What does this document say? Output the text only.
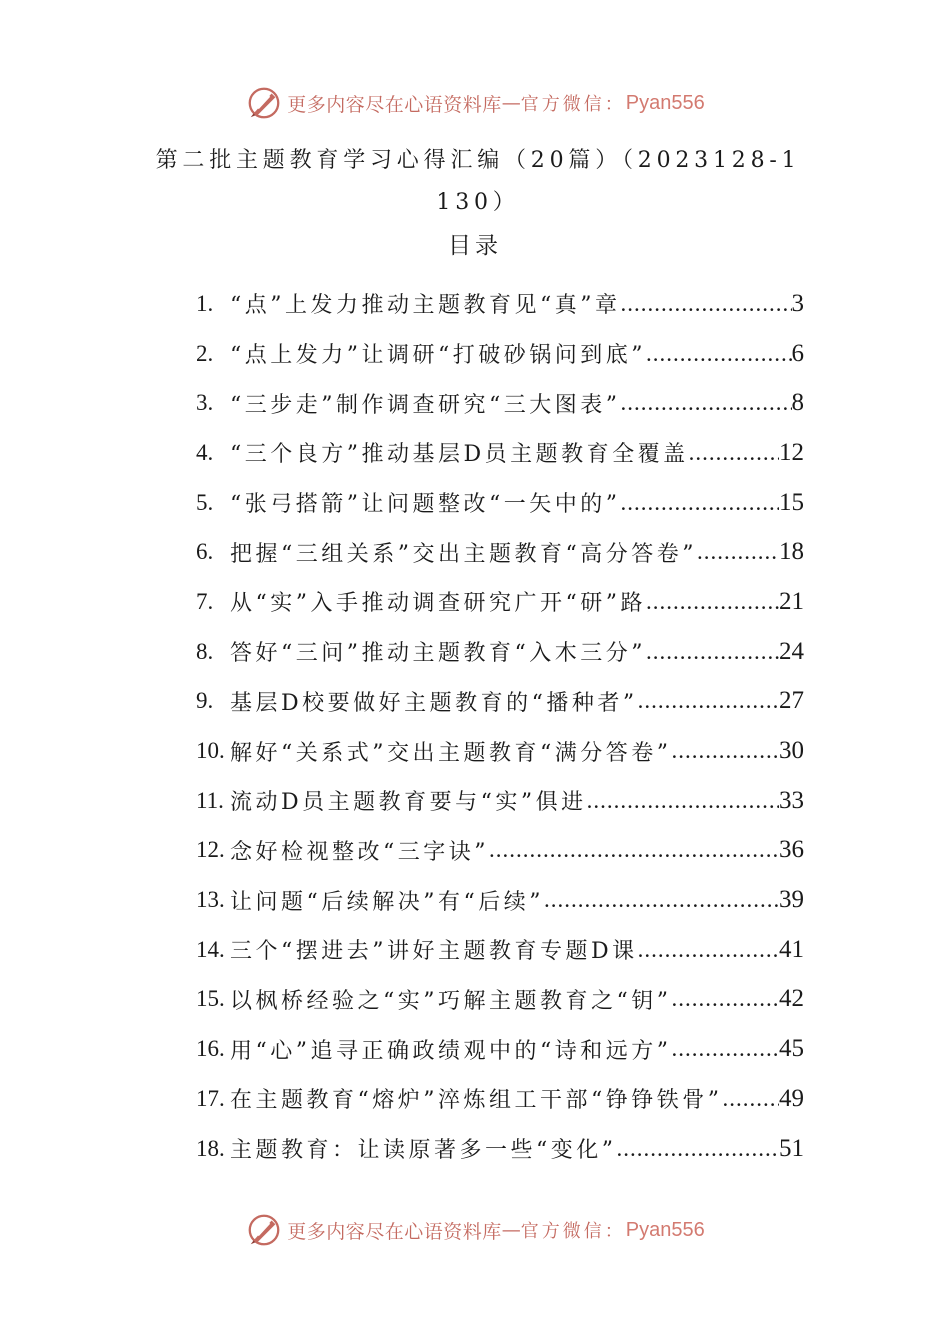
更多内容尽在心语资料库 — 官方微信： Pyan556
第二批主题教育学习心得汇编（20篇）（2023128-1130）
目录
1. “点”上发力推动主题教育见“真”章 .....	3
2. “点上发力”让调研“打破砂锅问到底” .....	6
3. “三步走”制作调查研究“三大图表” .....	8
4. “三个良方”推动基层D员主题教育全覆盖 .....	12
5. “张弓搭箭”让问题整改“一矢中的” .....	15
6. 把握“三组关系”交出主题教育“高分答卷” .....	18
7. 从“实”入手推动调查研究广开“研”路 .....	21
8. 答好“三问”推动主题教育“入木三分” .....	24
9. 基层D校要做好主题教育的“播种者” .....	27
10. 解好“关系式”交出主题教育“满分答卷” .....	30
11. 流动D员主题教育要与“实”俱进 .....	33
12. 念好检视整改“三字诀” .....	36
13. 让问题“后续解决”有“后续” .....	39
14. 三个“摆进去”讲好主题教育专题D课 .....	41
15. 以枫桥经验之“实”巧解主题教育之“钥” .....	42
16. 用“心”追寻正确政绩观中的“诗和远方” .....	45
17. 在主题教育“熔炉”淬炼组工干部“铮铮铁骨” ..... 49
18. 主题教育：让读原著多一些“变化” .....	51
更多内容尽在心语资料库 — 官方微信： Pyan556
